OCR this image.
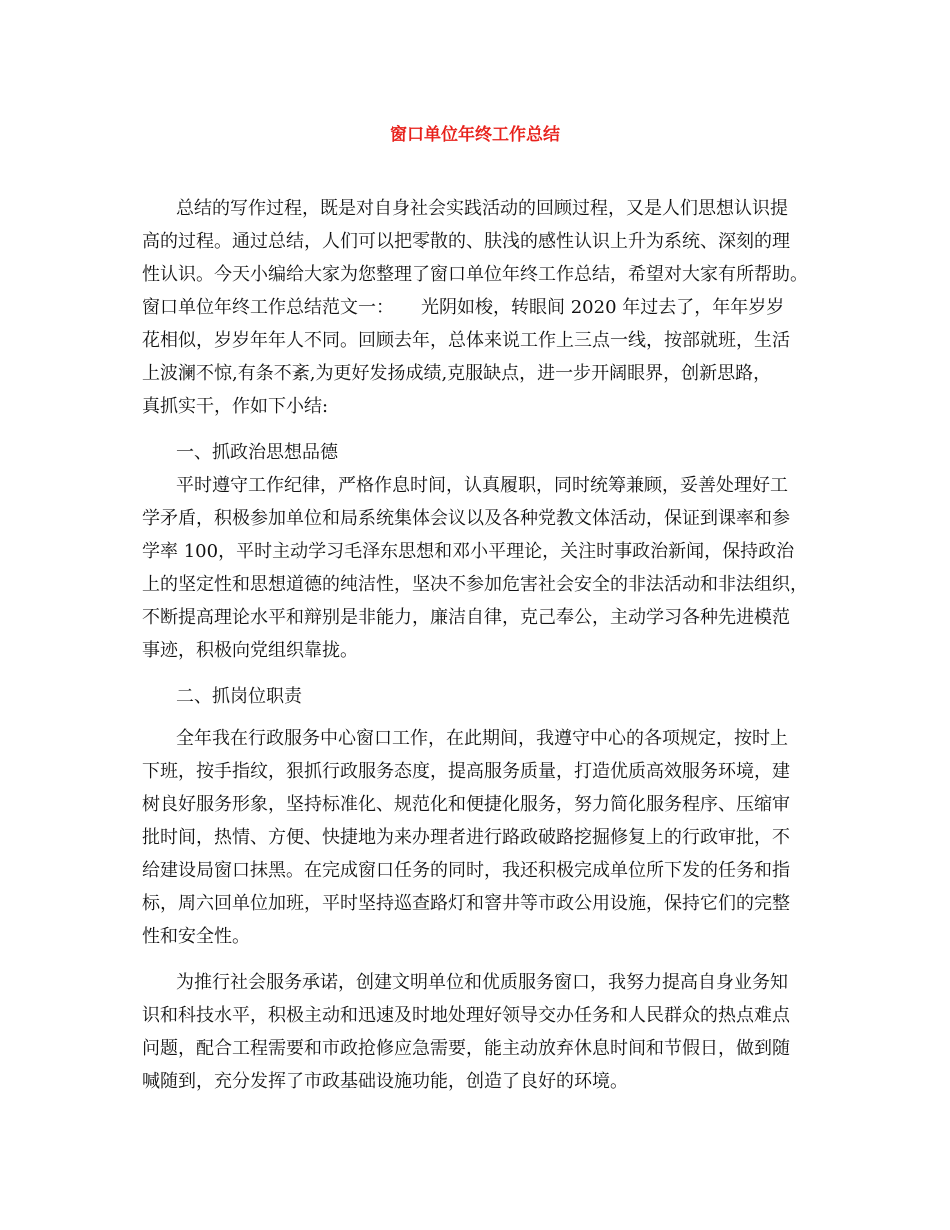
窗口单位年终工作总结
总结的写作过程，既是对自身社会实践活动的回顾过程，又是人们思想认识提
高的过程。通过总结，人们可以把零散的、肤浅的感性认识上升为系统、深刻的理
性认识。今天小编给大家为您整理了窗口单位年终工作总结，希望对大家有所帮助。
窗口单位年终工作总结范文一：　　光阴如梭，转眼间 2020 年过去了，年年岁岁
花相似，岁岁年年人不同。回顾去年，总体来说工作上三点一线，按部就班，生活
上波澜不惊,有条不紊,为更好发扬成绩,克服缺点，进一步开阔眼界，创新思路，
真抓实干，作如下小结:
一、抓政治思想品德
平时遵守工作纪律，严格作息时间，认真履职，同时统筹兼顾，妥善处理好工
学矛盾，积极参加单位和局系统集体会议以及各种党教文体活动，保证到课率和参
学率 100，平时主动学习毛泽东思想和邓小平理论，关注时事政治新闻，保持政治
上的坚定性和思想道德的纯洁性，坚决不参加危害社会安全的非法活动和非法组织，
不断提高理论水平和辩别是非能力，廉洁自律，克己奉公，主动学习各种先进模范
事迹，积极向党组织靠拢。
二、抓岗位职责
全年我在行政服务中心窗口工作，在此期间，我遵守中心的各项规定，按时上
下班，按手指纹，狠抓行政服务态度，提高服务质量，打造优质高效服务环境，建
树良好服务形象，坚持标准化、规范化和便捷化服务，努力简化服务程序、压缩审
批时间，热情、方便、快捷地为来办理者进行路政破路挖掘修复上的行政审批，不
给建设局窗口抹黑。在完成窗口任务的同时，我还积极完成单位所下发的任务和指
标，周六回单位加班，平时坚持巡查路灯和窨井等市政公用设施，保持它们的完整
性和安全性。
为推行社会服务承诺，创建文明单位和优质服务窗口，我努力提高自身业务知
识和科技水平，积极主动和迅速及时地处理好领导交办任务和人民群众的热点难点
问题，配合工程需要和市政抢修应急需要，能主动放弃休息时间和节假日，做到随
喊随到，充分发挥了市政基础设施功能，创造了良好的环境。
